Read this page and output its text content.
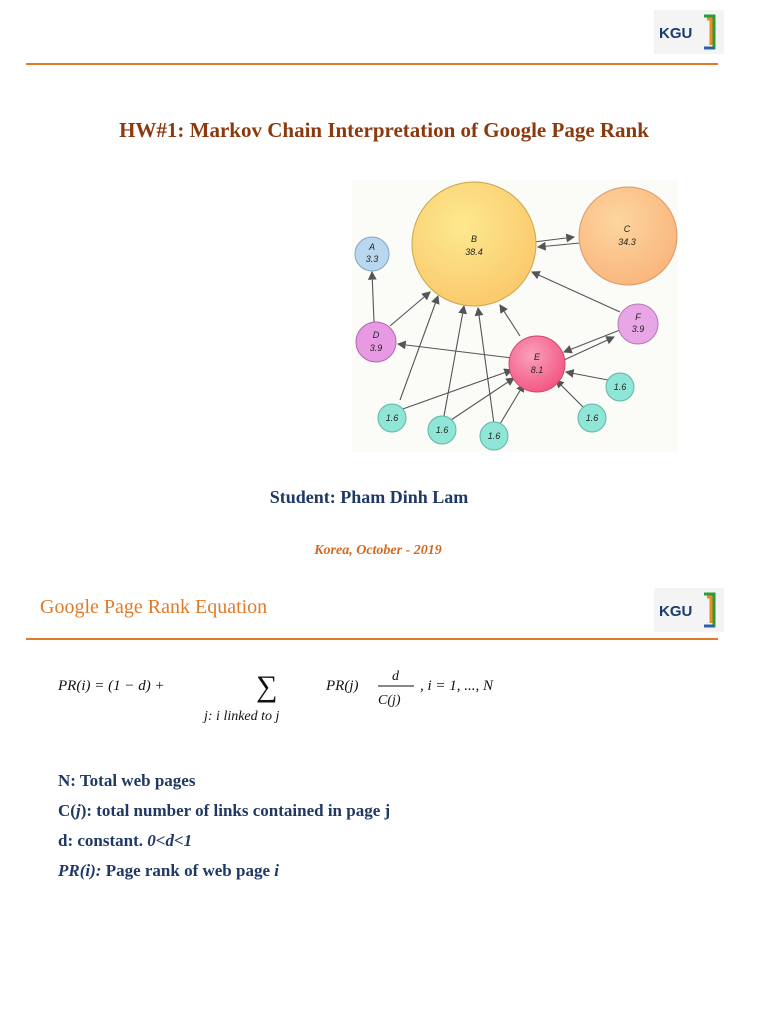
KGU
HW#1: Markov Chain Interpretation of Google Page Rank
B
38.4
C
34.3
A
3.3
D
3.9
E
8.1
F
3.9
1.6
1.6
1.6
1.6
1.6
Student: Pham Dinh Lam
Korea, October - 2019
KGU
Google Page Rank Equation
PR(i) = (1 − d) +	∑
j: i linked to j
PR(j)
d
C(j)
, i = 1, ..., N
N: Total web pages
C(j): total number of links contained in page j
d: constant. 0<d<1
PR(i): Page rank of web page i
